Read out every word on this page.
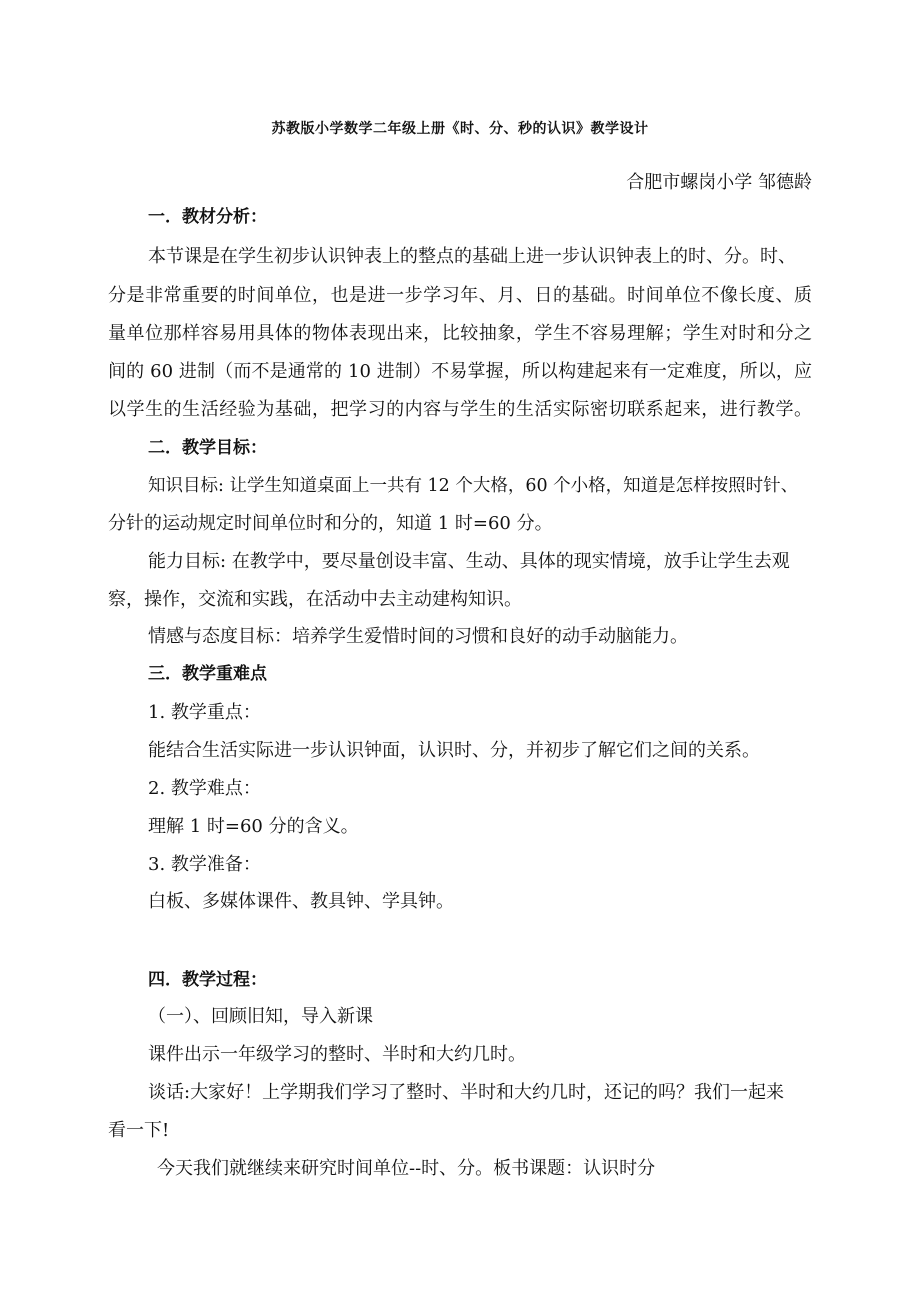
苏教版小学数学二年级上册《时、分、秒的认识》教学设计
合肥市螺岗小学 邹德龄
一．教材分析：
本节课是在学生初步认识钟表上的整点的基础上进一步认识钟表上的时、分。时、
分是非常重要的时间单位，也是进一步学习年、月、日的基础。时间单位不像长度、质
量单位那样容易用具体的物体表现出来，比较抽象，学生不容易理解；学生对时和分之
间的 60 进制（而不是通常的 10 进制）不易掌握，所以构建起来有一定难度，所以，应
以学生的生活经验为基础，把学习的内容与学生的生活实际密切联系起来，进行教学。
二．教学目标：
知识目标: 让学生知道桌面上一共有 12 个大格，60 个小格，知道是怎样按照时针、
分针的运动规定时间单位时和分的，知道 1 时=60 分。
能力目标: 在教学中，要尽量创设丰富、生动、具体的现实情境，放手让学生去观
察，操作，交流和实践，在活动中去主动建构知识。
情感与态度目标：培养学生爱惜时间的习惯和良好的动手动脑能力。
三．教学重难点
1. 教学重点：
能结合生活实际进一步认识钟面，认识时、分，并初步了解它们之间的关系。
2. 教学难点：
理解 1 时=60 分的含义。
3. 教学准备：
白板、多媒体课件、教具钟、学具钟。
四．教学过程：
（一）、回顾旧知，导入新课
课件出示一年级学习的整时、半时和大约几时。
谈话:大家好！上学期我们学习了整时、半时和大约几时，还记的吗？我们一起来
看一下!
今天我们就继续来研究时间单位--时、分。板书课题：认识时分
